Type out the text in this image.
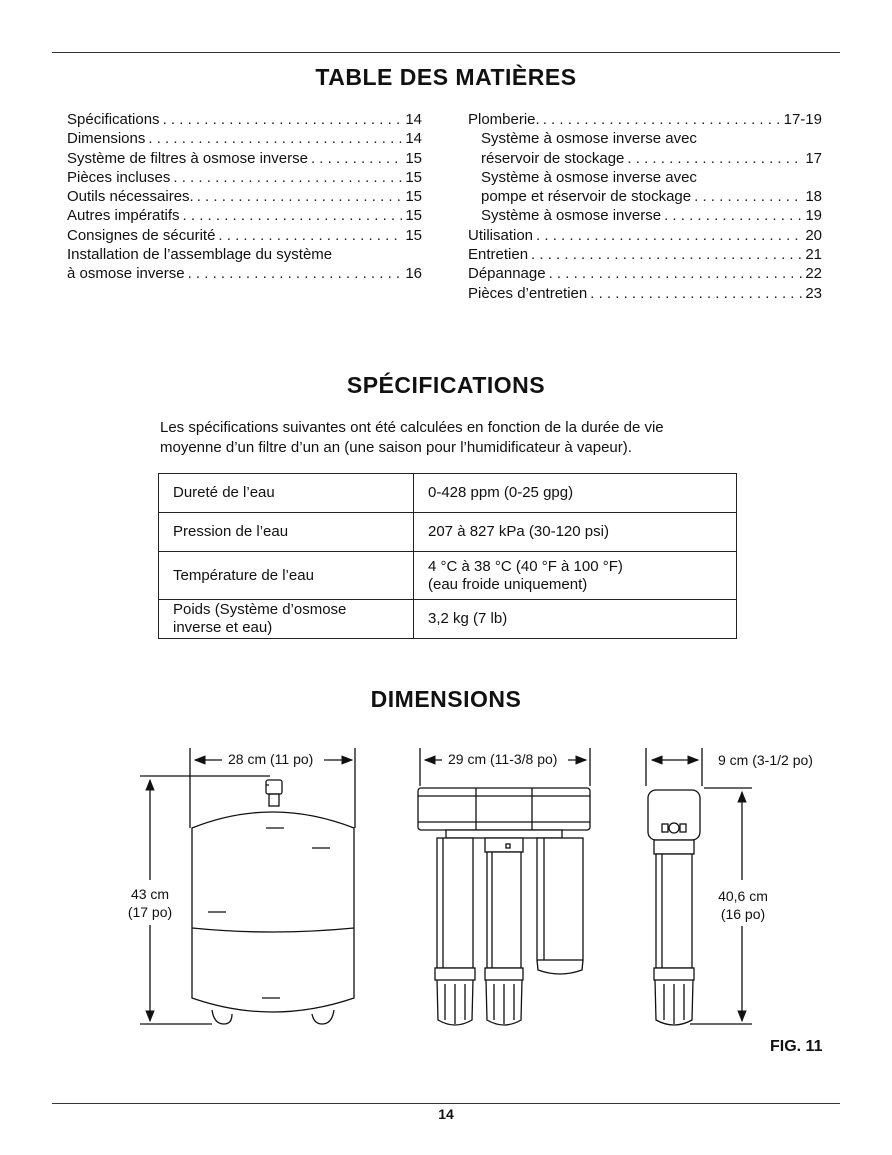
TABLE DES MATIÈRES
Spécifications . . .	14
Dimensions . . .	14
Système de filtres à osmose inverse . . .	15
Pièces incluses . . .	15
Outils nécessaires. . . .	15
Autres impératifs . . .	15
Consignes de sécurité . . .	15
Installation de l’assemblage du système
à osmose inverse . . .	16
Plomberie. . . .	17-19
Système à osmose inverse avec
réservoir de stockage . . .	17
Système à osmose inverse avec
pompe et réservoir de stockage . . .	18
Système à osmose inverse . . .	19
Utilisation . . .	20
Entretien . . .	21
Dépannage . . .	22
Pièces d’entretien . . .	23
SPÉCIFICATIONS
Les spécifications suivantes ont été calculées en fonction de la durée de vie
moyenne d’un filtre d’un an (une saison pour l’humidificateur à vapeur).
Dureté de l’eau	0-428 ppm (0-25 gpg)
Pression de l’eau	207 à 827 kPa (30-120 psi)
Température de l’eau	4 °C à 38 °C (40 °F à 100 °F)
(eau froide uniquement)

Poids (Système d’osmose
inverse et eau)	3,2 kg (7 lb)
DIMENSIONS
28 cm (11 po)
43 cm
(17 po)
29 cm (11-3/8 po)	9 cm (3-1/2 po)
40,6 cm
(16 po)
FIG. 11
14
